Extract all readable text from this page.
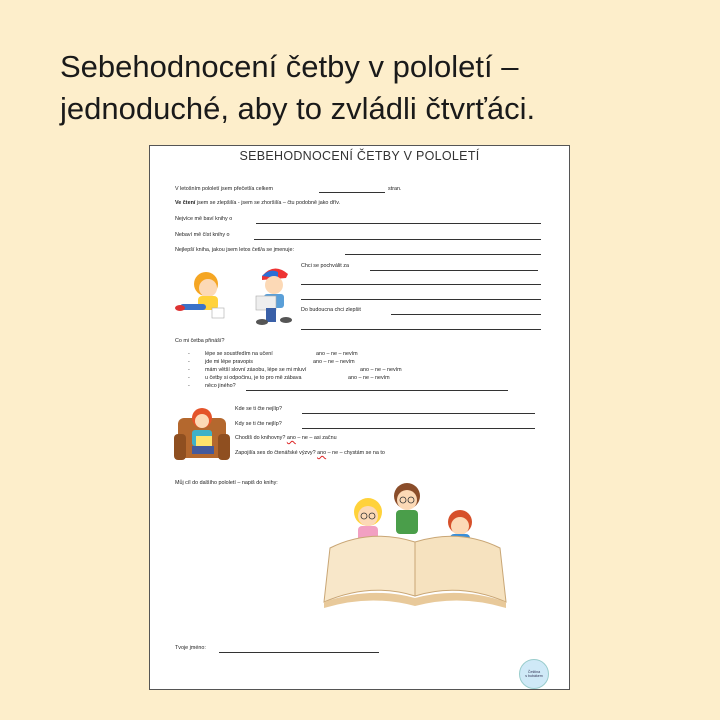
Sebehodnocení četby v pololetí –
jednoduché, aby to zvládli čtvrťáci.
SEBEHODNOCENÍ ČETBY V POLOLETÍ
V letošním pololetí jsem přečetl/a celkem	stran.
Ve čtení jsem se zlepšil/a - jsem se zhoršil/a – čtu podobně jako dřív.
Nejvíce mě baví knihy o
Nebaví mě číst knihy o
Nejlepší kniha, jakou jsem letos četl/a se jmenuje:
Chci se pochválit za
Do budoucna chci zlepšit
Co mi četba přináší?
-	lépe se soustředím na učení	ano – ne – nevím
-	jde mi lépe pravopis	ano – ne – nevím
-	mám větší slovní zásobu, lépe se mi mluví	ano – ne – nevím
-	u četby si odpočinu, je to pro mě zábava	ano – ne – nevím
-	něco jiného?
Kde se ti čte nejlíp?
Kdy se ti čte nejlíp?
Chodíš do knihovny? ano – ne – asi začnu
Zapojil/a ses do čtenářské výzvy? ano – ne – chystám se na to
Můj cíl do dalšího pololetí – napiš do knihy:
Tvoje jméno:
Čeština
s bubákem
